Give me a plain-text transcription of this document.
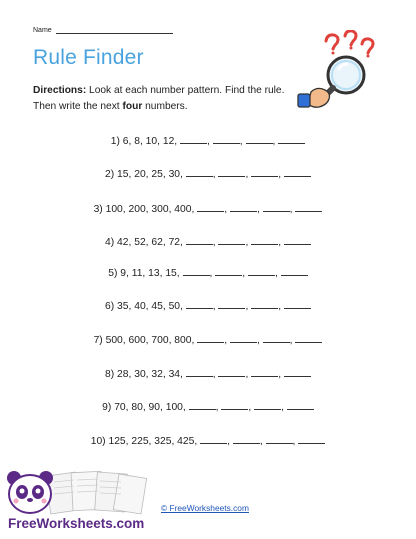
Name
Rule Finder
Directions: Look at each number pattern. Find the rule. Then write the next four numbers.
1) 6, 8, 10, 12,	,	,	,
2) 15, 20, 25, 30,	,	,	,
3) 100, 200, 300, 400,	,	,	,
4) 42, 52, 62, 72,	,	,	,
5) 9, 11, 13, 15,	,	,	,
6) 35, 40, 45, 50,	,	,	,
7) 500, 600, 700, 800,	,	,	,
8) 28, 30, 32, 34,	,	,	,
9) 70, 80, 90, 100,	,	,	,
10) 125, 225, 325, 425,	,	,	,
FreeWorksheets.com
© FreeWorksheets.com
